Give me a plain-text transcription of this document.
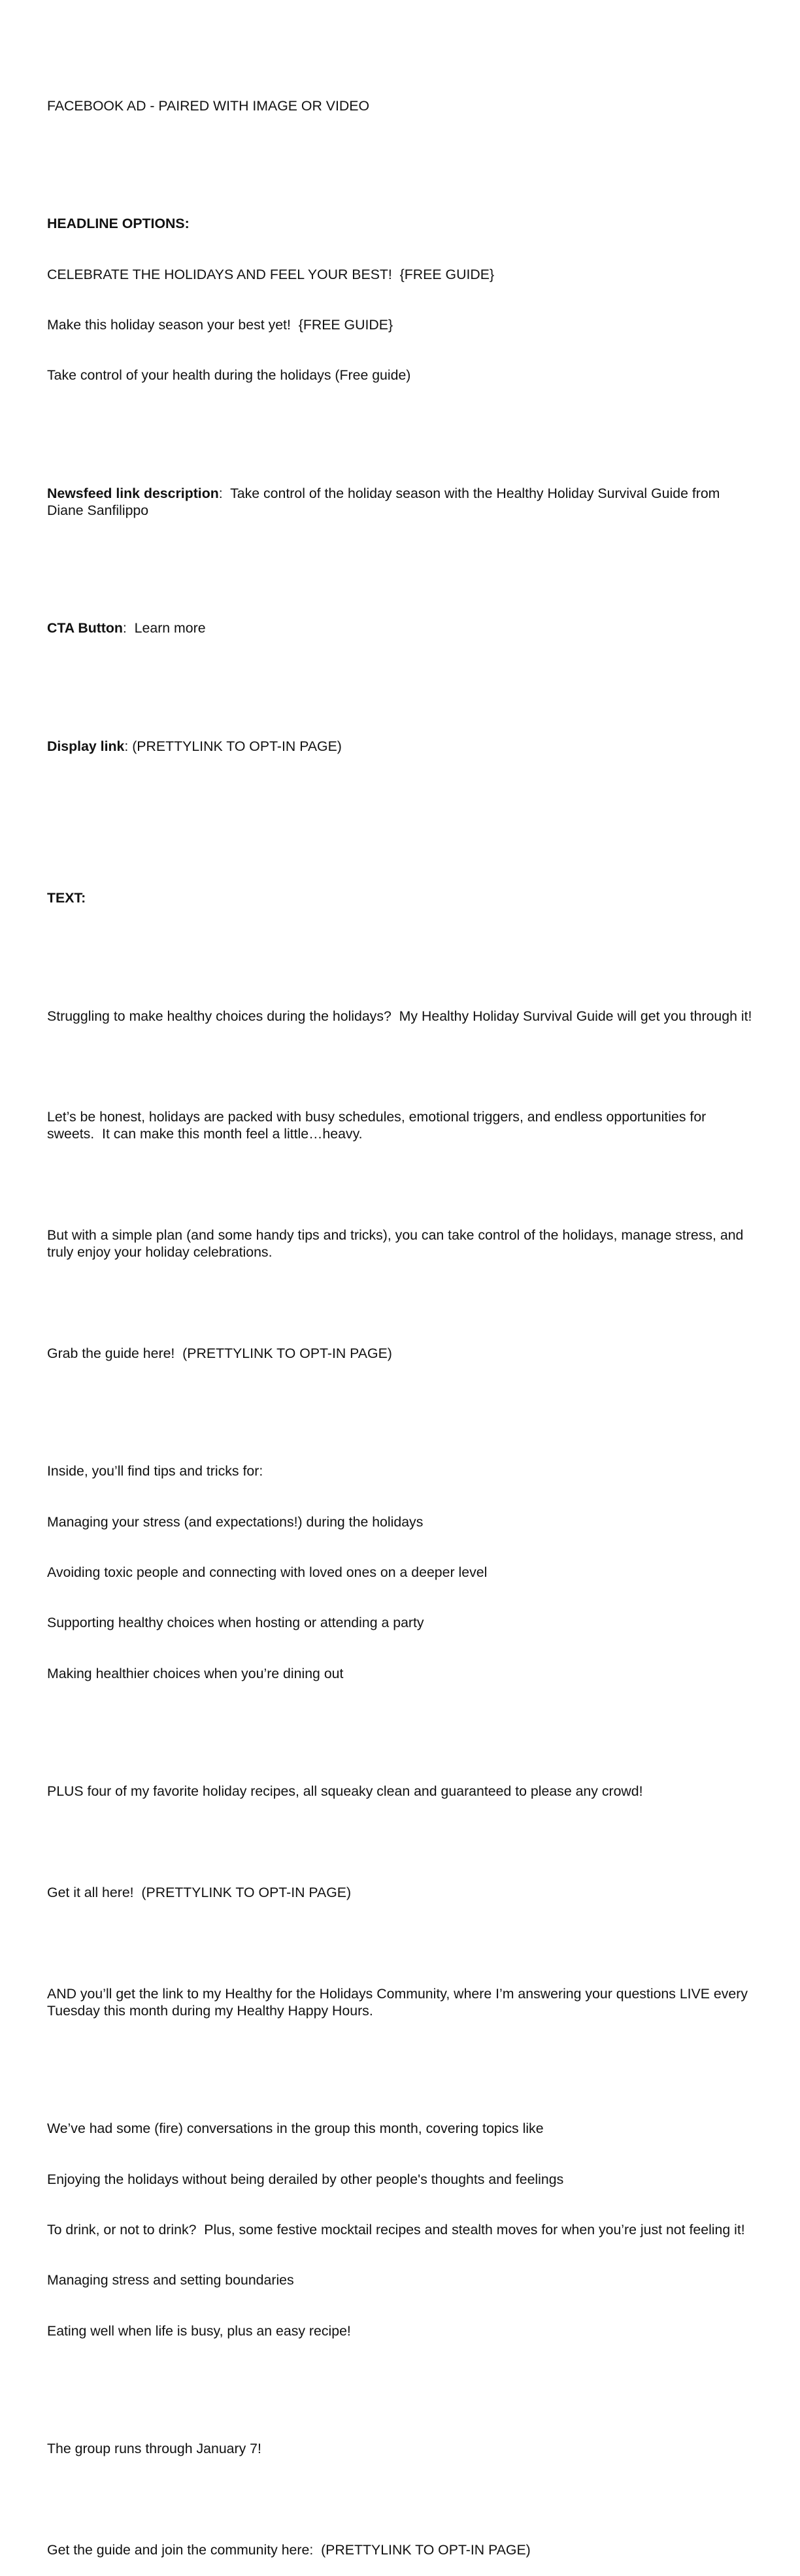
FACEBOOK AD - PAIRED WITH IMAGE OR VIDEO

HEADLINE OPTIONS:

CELEBRATE THE HOLIDAYS AND FEEL YOUR BEST!  {FREE GUIDE}

Make this holiday season your best yet!  {FREE GUIDE}

Take control of your health during the holidays (Free guide)

Newsfeed link description:  Take control of the holiday season with the Healthy Holiday Survival Guide from Diane Sanfilippo

CTA Button:  Learn more

Display link: (PRETTYLINK TO OPT-IN PAGE)

TEXT:

Struggling to make healthy choices during the holidays?  My Healthy Holiday Survival Guide will get you through it!

Let’s be honest, holidays are packed with busy schedules, emotional triggers, and endless opportunities for sweets.  It can make this month feel a little…heavy.

But with a simple plan (and some handy tips and tricks), you can take control of the holidays, manage stress, and truly enjoy your holiday celebrations.

Grab the guide here!  (PRETTYLINK TO OPT-IN PAGE)

Inside, you’ll find tips and tricks for:

Managing your stress (and expectations!) during the holidays

Avoiding toxic people and connecting with loved ones on a deeper level

Supporting healthy choices when hosting or attending a party

Making healthier choices when you’re dining out

PLUS four of my favorite holiday recipes, all squeaky clean and guaranteed to please any crowd!

Get it all here!  (PRETTYLINK TO OPT-IN PAGE)

AND you’ll get the link to my Healthy for the Holidays Community, where I’m answering your questions LIVE every Tuesday this month during my Healthy Happy Hours.

We’ve had some (fire) conversations in the group this month, covering topics like

Enjoying the holidays without being derailed by other people's thoughts and feelings

To drink, or not to drink?  Plus, some festive mocktail recipes and stealth moves for when you’re just not feeling it!

Managing stress and setting boundaries

Eating well when life is busy, plus an easy recipe!

The group runs through January 7!

Get the guide and join the community here:  (PRETTYLINK TO OPT-IN PAGE)
